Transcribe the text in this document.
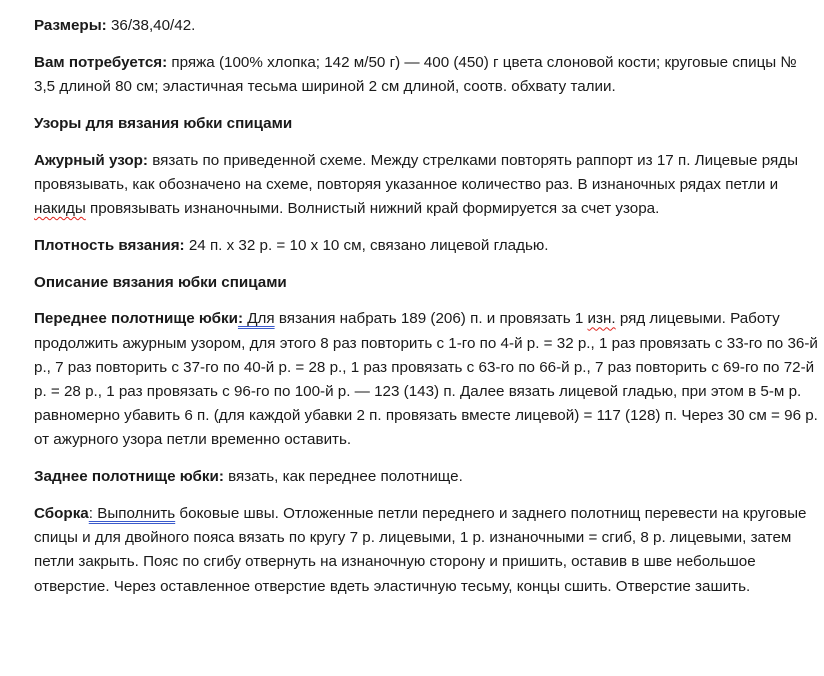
Размеры: 36/38,40/42.

Вам потребуется: пряжа (100% хлопка; 142 м/50 г) — 400 (450) г цвета слоновой кости; круговые спицы № 3,5 длиной 80 см; эластичная тесьма шириной 2 см длиной, соотв. обхвату талии.

Узоры для вязания юбки спицами

Ажурный узор: вязать по приведенной схеме. Между стрелками повторять раппорт из 17 п. Лицевые ряды провязывать, как обозначено на схеме, повторяя указанное количество раз. В изнаночных рядах петли и накиды провязывать изнаночными. Волнистый нижний край формируется за счет узора.

Плотность вязания: 24 п. х 32 р. = 10 х 10 см, связано лицевой гладью.

Описание вязания юбки спицами

Переднее полотнище юбки: Для вязания набрать 189 (206) п. и провязать 1 изн. ряд лицевыми. Работу продолжить ажурным узором, для этого 8 раз повторить с 1-го по 4-й р. = 32 р., 1 раз провязать с 33-го по 36-й р., 7 раз повторить с 37-го по 40-й р. = 28 р., 1 раз провязать с 63-го по 66-й р., 7 раз повторить с 69-го по 72-й р. = 28 р., 1 раз провязать с 96-го по 100-й р. — 123 (143) п. Далее вязать лицевой гладью, при этом в 5-м р. равномерно убавить 6 п. (для каждой убавки 2 п. провязать вместе лицевой) = 117 (128) п. Через 30 см = 96 р. от ажурного узора петли временно оставить.

Заднее полотнище юбки: вязать, как переднее полотнище.

Сборка: Выполнить боковые швы. Отложенные петли переднего и заднего полотнищ перевести на круговые спицы и для двойного пояса вязать по кругу 7 р. лицевыми, 1 р. изнаночными = сгиб, 8 р. лицевыми, затем петли закрыть. Пояс по сгибу отвернуть на изнаночную сторону и пришить, оставив в шве небольшое отверстие. Через оставленное отверстие вдеть эластичную тесьму, концы сшить. Отверстие зашить.
